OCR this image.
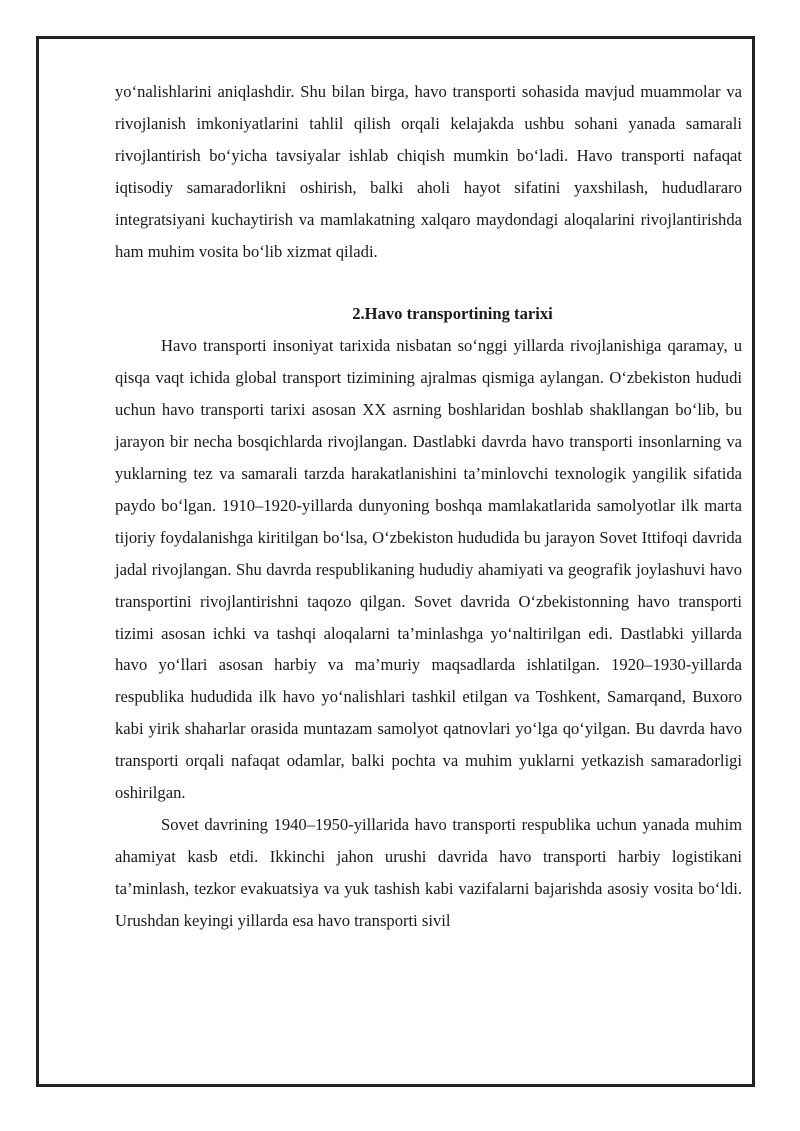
yo‘nalishlarini aniqlashdir. Shu bilan birga, havo transporti sohasida mavjud muammolar va rivojlanish imkoniyatlarini tahlil qilish orqali kelajakda ushbu sohani yanada samarali rivojlantirish bo‘yicha tavsiyalar ishlab chiqish mumkin bo‘ladi. Havo transporti nafaqat iqtisodiy samaradorlikni oshirish, balki aholi hayot sifatini yaxshilash, hududlararo integratsiyani kuchaytirish va mamlakatning xalqaro maydondagi aloqalarini rivojlantirishda ham muhim vosita bo‘lib xizmat qiladi.

2.Havo transportining tarixi

Havo transporti insoniyat tarixida nisbatan so‘nggi yillarda rivojlanishiga qaramay, u qisqa vaqt ichida global transport tizimining ajralmas qismiga aylangan. O‘zbekiston hududi uchun havo transporti tarixi asosan XX asrning boshlaridan boshlab shakllangan bo‘lib, bu jarayon bir necha bosqichlarda rivojlangan. Dastlabki davrda havo transporti insonlarning va yuklarning tez va samarali tarzda harakatlanishini ta’minlovchi texnologik yangilik sifatida paydo bo‘lgan. 1910–1920-yillarda dunyoning boshqa mamlakatlarida samolyotlar ilk marta tijoriy foydalanishga kiritilgan bo‘lsa, O‘zbekiston hududida bu jarayon Sovet Ittifoqi davrida jadal rivojlangan. Shu davrda respublikaning hududiy ahamiyati va geografik joylashuvi havo transportini rivojlantirishni taqozo qilgan. Sovet davrida O‘zbekistonning havo transporti tizimi asosan ichki va tashqi aloqalarni ta’minlashga yo‘naltirilgan edi. Dastlabki yillarda havo yo‘llari asosan harbiy va ma’muriy maqsadlarda ishlatilgan. 1920–1930-yillarda respublika hududida ilk havo yo‘nalishlari tashkil etilgan va Toshkent, Samarqand, Buxoro kabi yirik shaharlar orasida muntazam samolyot qatnovlari yo‘lga qo‘yilgan. Bu davrda havo transporti orqali nafaqat odamlar, balki pochta va muhim yuklarni yetkazish samaradorligi oshirilgan.

Sovet davrining 1940–1950-yillarida havo transporti respublika uchun yanada muhim ahamiyat kasb etdi. Ikkinchi jahon urushi davrida havo transporti harbiy logistikani ta’minlash, tezkor evakuatsiya va yuk tashish kabi vazifalarni bajarishda asosiy vosita bo‘ldi. Urushdan keyingi yillarda esa havo transporti sivil
